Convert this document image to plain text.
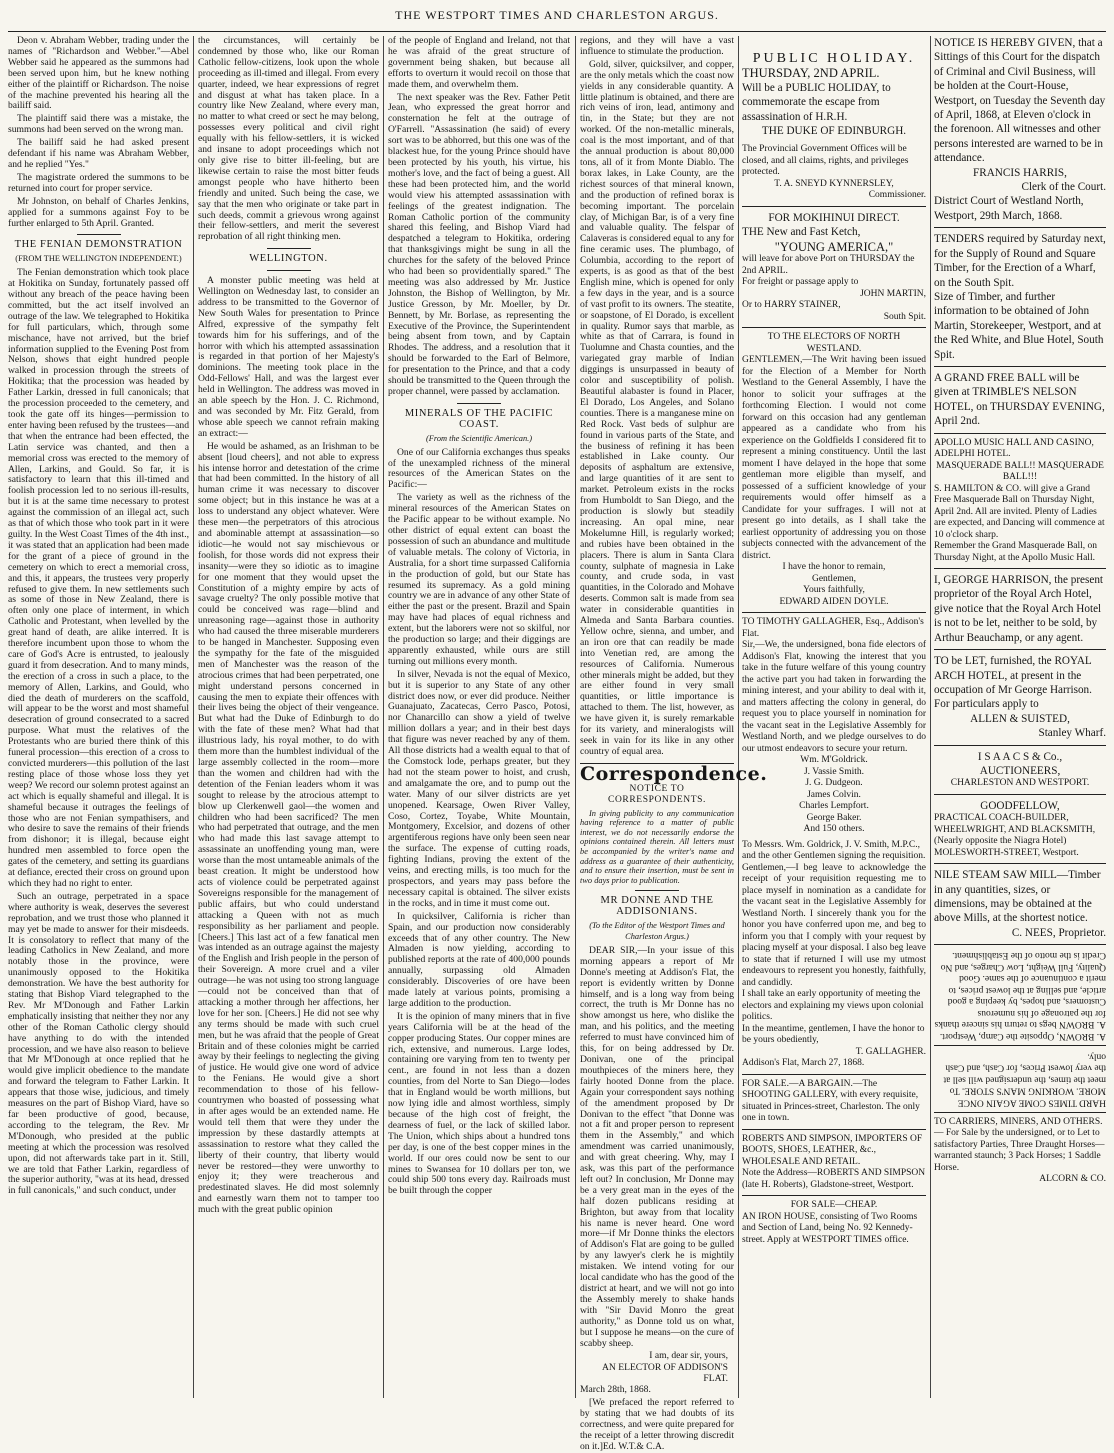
THE WESTPORT TIMES AND CHARLESTON ARGUS.

Deon v. Abraham Webber, trading under the names of "Richardson and Webber."—Abel Webber said he appeared as the summons had been served upon him, but he knew nothing either of the plaintiff or Richardson. The noise of the machine prevented his hearing all the bailiff said.

The plaintiff said there was a mistake, the summons had been served on the wrong man.

The bailiff said he had asked present defendant if his name was Abraham Webber, and he replied "Yes."

The magistrate ordered the summons to be returned into court for proper service.

Mr Johnston, on behalf of Charles Jenkins, applied for a summons against Foy to be further enlarged to 5th April. Granted.

THE FENIAN DEMONSTRATION
(FROM THE WELLINGTON INDEPENDENT.)

The Fenian demonstration which took place at Hokitika on Sunday, fortunately passed off without any breach of the peace having been committed, but the act itself involved an outrage of the law. We telegraphed to Hokitika for full particulars, which, through some mischance, have not arrived, but the brief information supplied to the Evening Post from Nelson, shows that eight hundred people walked in procession through the streets of Hokitika; that the procession was headed by Father Larkin, dressed in full canonicals; that the procession proceeded to the cemetery, and took the gate off its hinges—permission to enter having been refused by the trustees—and that when the entrance had been effected, the Latin service was chanted, and then a memorial cross was erected to the memory of Allen, Larkins, and Gould. So far, it is satisfactory to learn that this ill-timed and foolish procession led to no serious ill-results, but it is at the same time necessary to protest against the commission of an illegal act, such as that of which those who took part in it were guilty. In the West Coast Times of the 4th inst., it was stated that an application had been made for the grant of a piece of ground in the cemetery on which to erect a memorial cross, and this, it appears, the trustees very properly refused to give them. In new settlements such as some of those in New Zealand, there is often only one place of interment, in which Catholic and Protestant, when levelled by the great hand of death, are alike interred. It is therefore incumbent upon those to whom the care of God's Acre is entrusted, to jealously guard it from desecration. And to many minds, the erection of a cross in such a place, to the memory of Allen, Larkins, and Gould, who died the death of murderers on the scaffold, will appear to be the worst and most shameful desecration of ground consecrated to a sacred purpose. What must the relatives of the Protestants who are buried there think of this funeral procession—this erection of a cross to convicted murderers—this pollution of the last resting place of those whose loss they yet weep? We record our solemn protest against an act which is equally shameful and illegal. It is shameful because it outrages the feelings of those who are not Fenian sympathisers, and who desire to save the remains of their friends from dishonor; it is illegal, because eight hundred men assembled to force open the gates of the cemetery, and setting its guardians at defiance, erected their cross on ground upon which they had no right to enter.

Such an outrage, perpetrated in a space where authority is weak, deserves the severest reprobation, and we trust those who planned it may yet be made to answer for their misdeeds. It is consolatory to reflect that many of the leading Catholics in New Zealand, and more notably those in the province, were unanimously opposed to the Hokitika demonstration. We have the best authority for stating that Bishop Viard telegraphed to the Rev. Mr M'Donough and Father Larkin emphatically insisting that neither they nor any other of the Roman Catholic clergy should have anything to do with the intended procession, and we have also reason to believe that Mr M'Donough at once replied that he would give implicit obedience to the mandate and forward the telegram to Father Larkin. It appears that those wise, judicious, and timely measures on the part of Bishop Viard, have so far been productive of good, because, according to the telegram, the Rev. Mr M'Donough, who presided at the public meeting at which the procession was resolved upon, did not afterwards take part in it. Still, we are told that Father Larkin, regardless of the superior authority, "was at its head, dressed in full canonicals," and such conduct, under

the circumstances, will certainly be condemned by those who, like our Roman Catholic fellow-citizens, look upon the whole proceeding as ill-timed and illegal. From every quarter, indeed, we hear expressions of regret and disgust at what has taken place. In a country like New Zealand, where every man, no matter to what creed or sect he may belong, possesses every political and civil right equally with his fellow-settlers, it is wicked and insane to adopt proceedings which not only give rise to bitter ill-feeling, but are likewise certain to raise the most bitter feuds amongst people who have hitherto been friendly and united. Such being the case, we say that the men who originate or take part in such deeds, commit a grievous wrong against their fellow-settlers, and merit the severest reprobation of all right thinking men.

WELLINGTON.

A monster public meeting was held at Wellington on Wednesday last, to consider an address to be transmitted to the Governor of New South Wales for presentation to Prince Alfred, expressive of the sympathy felt towards him for his sufferings, and of the horror with which his attempted assassination is regarded in that portion of her Majesty's dominions. The meeting took place in the Odd-Fellows' Hall, and was the largest ever held in Wellington. The address was moved in an able speech by the Hon. J. C. Richmond, and was seconded by Mr. Fitz Gerald, from whose able speech we cannot refrain making an extract:—

He would be ashamed, as an Irishman to be absent [loud cheers], and not able to express his intense horror and detestation of the crime that had been committed. In the history of all human crime it was necessary to discover some object; but in this instance he was at a loss to understand any object whatever. Were these men—the perpetrators of this atrocious and abominable attempt at assassination—so idiotic—he would not say mischievous or foolish, for those words did not express their insanity—were they so idiotic as to imagine for one moment that they would upset the Constitution of a mighty empire by acts of savage cruelty? The only possible motive that could be conceived was rage—blind and unreasoning rage—against those in authority who had caused the three miserable murderers to be hanged in Manchester. Supposing even the sympathy for the fate of the misguided men of Manchester was the reason of the atrocious crimes that had been perpetrated, one might understand persons concerned in causing the men to expiate their offences with their lives being the object of their vengeance. But what had the Duke of Edinburgh to do with the fate of these men? What had that illustrious lady, his royal mother, to do with them more than the humblest individual of the large assembly collected in the room—more than the women and children had with the detention of the Fenian leaders whom it was sought to release by the atrocious attempt to blow up Clerkenwell gaol—the women and children who had been sacrificed? The men who had perpetrated that outrage, and the men who had made this last savage attempt to assassinate an unoffending young man, were worse than the most untameable animals of the beast creation. It might be understood how acts of violence could be perpetrated against Sovereigns responsible for the management of public affairs, but who could understand attacking a Queen with not as much responsibility as her parliament and people. [Cheers.] This last act of a few fanatical men was intended as an outrage against the majesty of the English and Irish people in the person of their Sovereign. A more cruel and a viler outrage—he was not using too strong language—could not be conceived than that of attacking a mother through her affections, her love for her son. [Cheers.] He did not see why any terms should be made with such cruel men, but he was afraid that the people of Great Britain and of these colonies might be carried away by their feelings to neglecting the giving of justice. He would give one word of advice to the Fenians. He would give a short recommendation to those of his fellow-countrymen who boasted of possessing what in after ages would be an extended name. He would tell them that were they under the impression by these dastardly attempts at assassination to restore what they called the liberty of their country, that liberty would never be restored—they were unworthy to enjoy it; they were treacherous and predestinated slaves. He did most solemnly and earnestly warn them not to tamper too much with the great public opinion

of the people of England and Ireland, not that he was afraid of the great structure of government being shaken, but because all efforts to overturn it would recoil on those that made them, and overwhelm them.

The next speaker was the Rev. Father Petit Jean, who expressed the great horror and consternation he felt at the outrage of O'Farrell. "Assassination (he said) of every sort was to be abhorred, but this one was of the blackest hue, for the young Prince should have been protected by his youth, his virtue, his mother's love, and the fact of being a guest. All these had been protected him, and the world would view his attempted assassination with feelings of the greatest indignation. The Roman Catholic portion of the community shared this feeling, and Bishop Viard had despatched a telegram to Hokitika, ordering that thanksgivings might be sung in all the churches for the safety of the beloved Prince who had been so providentially spared." The meeting was also addressed by Mr. Justice Johnston, the Bishop of Wellington, by Mr. Justice Gresson, by Mr. Moeller, by Dr. Bennett, by Mr. Borlase, as representing the Executive of the Province, the Superintendent being absent from town, and by Captain Rhodes. The address, and a resolution that it should be forwarded to the Earl of Belmore, for presentation to the Prince, and that a cody should be transmitted to the Queen through the proper channel, were passed by acclamation.

MINERALS OF THE PACIFIC COAST.
(From the Scientific American.)

One of our California exchanges thus speaks of the unexampled richness of the mineral resources of the American States on the Pacific:—

The variety as well as the richness of the mineral resources of the American States on the Pacific appear to be without example. No other district of equal extent can boast the possession of such an abundance and multitude of valuable metals. The colony of Victoria, in Australia, for a short time surpassed California in the production of gold, but our State has resumed its supremacy. As a gold mining country we are in advance of any other State of either the past or the present. Brazil and Spain may have had places of equal richness and extent, but the laborers were not so skilful, nor the production so large; and their diggings are apparently exhausted, while ours are still turning out millions every month.

In silver, Nevada is not the equal of Mexico, but it is superior to any State of any other district does now, or ever did produce. Neither Guanajuato, Zacatecas, Cerro Pasco, Potosi, nor Chanarcillo can show a yield of twelve million dollars a year; and in their best days that figure was never reached by any of them. All those districts had a wealth equal to that of the Comstock lode, perhaps greater, but they had not the steam power to hoist, and crush, and amalgamate the ore, and to pump out the water. Many of our silver districts are yet unopened. Kearsage, Owen River Valley, Coso, Cortez, Toyabe, White Mountain, Montgomery, Excelsior, and dozens of other argentiferous regions have only been seen near the surface. The expense of cutting roads, fighting Indians, proving the extent of the veins, and erecting mills, is too much for the prospectors, and years may pass before the necessary capital is obtained. The silver exists in the rocks, and in time it must come out.

In quicksilver, California is richer than Spain, and our production now considerably exceeds that of any other country. The New Almaden is now yielding, according to published reports at the rate of 400,000 pounds annually, surpassing old Almaden considerably. Discoveries of ore have been made lately at various points, promising a large addition to the production.

It is the opinion of many miners that in five years California will be at the head of the copper producing States. Our copper mines are rich, extensive, and numerous. Large lodes, containing ore varying from ten to twenty per cent., are found in not less than a dozen counties, from del Norte to San Diego—lodes that in England would be worth millions, but now lying idle and almost worthless, simply because of the high cost of freight, the dearness of fuel, or the lack of skilled labor. The Union, which ships about a hundred tons per day, is one of the best copper mines in the world. If our ores could now be sent to our mines to Swansea for 10 dollars per ton, we could ship 500 tons every day. Railroads must be built through the copper

regions, and they will have a vast influence to stimulate the production.

Gold, silver, quicksilver, and copper, are the only metals which the coast now yields in any considerable quantity. A little platinum is obtained, and there are rich veins of iron, lead, antimony and tin, in the State; but they are not worked. Of the non-metallic minerals, coal is the most important, and of that the annual production is about 80,000 tons, all of it from Monte Diablo. The borax lakes, in Lake County, are the richest sources of that mineral known, and the production of refined borax is becoming important. The porcelain clay, of Michigan Bar, is of a very fine and valuable quality. The felspar of Calaveras is considered equal to any for fine ceramic uses. The plumbago, of Columbia, according to the report of experts, is as good as that of the best English mine, which is opened for only a few days in the year, and is a source of vast profit to its owners. The steatite, or soapstone, of El Dorado, is excellent in quality. Rumor says that marble, as white as that of Carrara, is found in Tuolumne and Chasta counties, and the variegated gray marble of Indian diggings is unsurpassed in beauty of color and susceptibility of polish. Beautiful alabaster is found in Placer, El Dorado, Los Angeles, and Solano counties. There is a manganese mine on Red Rock. Vast beds of sulphur are found in various parts of the State, and the business of refining it has been established in Lake county. Our deposits of asphaltum are extensive, and large quantities of it are sent to market. Petroleum exists in the rocks from Humboldt to San Diego, and the production is slowly but steadily increasing. An opal mine, near Mokelumne Hill, is regularly worked; and rubies have been obtained in the placers. There is alum in Santa Clara county, sulphate of magnesia in Lake county, and crude soda, in vast quantities, in the Colorado and Mohave deserts. Common salt is made from sea water in considerable quantities in Almeda and Santa Barbara counties. Yellow ochre, sienna, and umber, and an iron ore that can readily be made into Venetian red, are among the resources of California. Numerous other minerals might be added, but they are either found in very small quantities, or little importance is attached to them. The list, however, as we have given it, is surely remarkable for its variety, and mineralogists will seek in vain for its like in any other country of equal area.

Correspondence.
NOTICE TO CORRESPONDENTS.

In giving publicity to any communication having reference to a matter of public interest, we do not necessarily endorse the opinions contained therein. All letters must be accompanied by the writer's name and address as a guarantee of their authenticity, and to ensure their insertion, must be sent in two days prior to publication.

MR DONNE AND THE ADDISONIANS.
(To the Editor of the Westport Times and Charleston Argus.)

DEAR SIR,—In your issue of this morning appears a report of Mr Donne's meeting at Addison's Flat, the report is evidently written by Donne himself, and is a long way from being correct, the truth is Mr Donne has no show amongst us here, who dislike the man, and his politics, and the meeting referred to must have convinced him of this, for on being addressed by Dr. Donivan, one of the principal mouthpieces of the miners here, they fairly hooted Donne from the place. Again your correspondent says nothing of the amendment proposed by Dr Donivan to the effect "that Donne was not a fit and proper person to represent them in the Assembly," and which amendment was carried unanimously, and with great cheering. Why, may I ask, was this part of the performance left out? In conclusion, Mr Donne may be a very great man in the eyes of the half dozen publicans residing at Brighton, but away from that locality his name is never heard. One word more—if Mr Donne thinks the electors of Addison's Flat are going to be gulled by any lawyer's clerk he is mightily mistaken. We intend voting for our local candidate who has the good of the district at heart, and we will not go into the Assembly merely to shake hands with "Sir David Monro the great authority," as Donne told us on what, but I suppose he means—on the cure of scabby sheep.

I am, dear sir, yours,
AN ELECTOR OF ADDISON'S FLAT.

March 28th, 1868.

[We prefaced the report referred to by stating that we had doubts of its correctness, and were quite prepared for the receipt of a letter throwing discredit on it.]Ed. W.T.& C.A.

PUBLIC HOLIDAY.

THURSDAY, 2ND APRIL.

Will be a PUBLIC HOLIDAY, to commemorate the escape from assassination of H.R.H.

THE DUKE OF EDINBURGH.

The Provincial Government Offices will be closed, and all claims, rights, and privileges protected.

T. A. SNEYD KYNNERSLEY,

Commissioner.

FOR MOKIHINUI DIRECT.

THE New and Fast Ketch,

"YOUNG AMERICA,"

will leave for above Port on THURSDAY the 2nd APRIL.

For freight or passage apply to

JOHN MARTIN,

Or to HARRY STAINER,

South Spit.

TO THE ELECTORS OF NORTH WESTLAND.

GENTLEMEN,—The Writ having been issued for the Election of a Member for North Westland to the General Assembly, I have the honor to solicit your suffrages at the forthcoming Election. I would not come forward on this occasion had any gentleman appeared as a candidate who from his experience on the Goldfields I considered fit to represent a mining constituency. Until the last moment I have delayed in the hope that some gentleman more eligible than myself, and possessed of a sufficient knowledge of your requirements would offer himself as a Candidate for your suffrages. I will not at present go into details, as I shall take the earliest opportunity of addressing you on those subjects connected with the advancement of the district.

I have the honor to remain,

Gentlemen,

Yours faithfully,

EDWARD AIDEN DOYLE.

TO TIMOTHY GALLAGHER, Esq., Addison's Flat.

Sir,—We, the undersigned, bona fide electors of Addison's Flat, knowing the interest that you take in the future welfare of this young country the active part you had taken in forwarding the mining interest, and your ability to deal with it, and matters affecting the colony in general, do request you to place yourself in nomination for the vacant seat in the Legislative Assembly for Westland North, and we pledge ourselves to do our utmost endeavors to secure your return.

Wm. M'Goldrick.

J. Vassie Smith.

J. G. Dudgeon.

James Colvin.

Charles Lempfort.

George Baker.

And 150 others.

To Messrs. Wm. Goldrick, J. V. Smith, M.P.C., and the other Gentlemen signing the requisition.

Gentlemen,—I beg leave to acknowledge the receipt of your requisition requesting me to place myself in nomination as a candidate for the vacant seat in the Legislative Assembly for Westland North. I sincerely thank you for the honor you have conferred upon me, and beg to inform you that I comply with your request by placing myself at your disposal. I also beg leave to state that if returned I will use my utmost endeavours to represent you honestly, faithfully, and candidly.

I shall take an early opportunity of meeting the electors and explaining my views upon colonial politics.

In the meantime, gentlemen, I have the honor to be yours obediently,

T. GALLAGHER.

Addison's Flat, March 27, 1868.

FOR SALE.—A BARGAIN.—The SHOOTING GALLERY, with every requisite, situated in Princes-street, Charleston. The only one in town.

ROBERTS AND SIMPSON, IMPORTERS OF BOOTS, SHOES, LEATHER, &c., WHOLESALE AND RETAIL.

Note the Address—ROBERTS AND SIMPSON (late H. Roberts), Gladstone-street, Westport.

FOR SALE—CHEAP.

AN IRON HOUSE, consisting of Two Rooms and Section of Land, being No. 92 Kennedy-street. Apply at WESTPORT TIMES office.

NOTICE IS HEREBY GIVEN, that a Sittings of this Court for the dispatch of Criminal and Civil Business, will be holden at the Court-House, Westport, on Tuesday the Seventh day of April, 1868, at Eleven o'clock in the forenoon. All witnesses and other persons interested are warned to be in attendance.

FRANCIS HARRIS,

Clerk of the Court.

District Court of Westland North, Westport, 29th March, 1868.

TENDERS required by Saturday next, for the Supply of Round and Square Timber, for the Erection of a Wharf, on the South Spit.

Size of Timber, and further information to be obtained of John Martin, Storekeeper, Westport, and at the Red White, and Blue Hotel, South Spit.

A GRAND FREE BALL will be given at TRIMBLE'S NELSON HOTEL, on THURSDAY EVENING, April 2nd.

APOLLO MUSIC HALL AND CASINO, ADELPHI HOTEL.

MASQUERADE BALL!! MASQUERADE BALL!!!

S. HAMILTON & CO. will give a Grand Free Masquerade Ball on Thursday Night, April 2nd. All are invited. Plenty of Ladies are expected, and Dancing will commence at 10 o'clock sharp.

Remember the Grand Masquerade Ball, on Thursday Night, at the Apollo Music Hall.

I, GEORGE HARRISON, the present proprietor of the Royal Arch Hotel, give notice that the Royal Arch Hotel is not to be let, neither to be sold, by Arthur Beauchamp, or any agent.

TO be LET, furnished, the ROYAL ARCH HOTEL, at present in the occupation of Mr George Harrison.

For particulars apply to

ALLEN & SUISTED,

Stanley Wharf.

I S A A C S & Co.,

AUCTIONEERS,

CHARLESTON AND WESTPORT.

GOODFELLOW,

PRACTICAL COACH-BUILDER, WHEELWRIGHT, AND BLACKSMITH, (Nearly opposite the Niagra Hotel) MOLESWORTH-STREET, Westport.

NILE STEAM SAW MILL—Timber in any quantities, sizes, or dimensions, may be obtained at the above Mills, at the shortest notice.

C. NEES, Proprietor.

A. BROWN, Opposite the Camp, Westport. A. BROWN begs to return his sincere thanks for the patronage of his numerous Customers, and hopes, by keeping a good article, and selling at the lowest prices, to merit a continuance of the same. Good Quality, Full Weight, Low Charges, and No Credit is the motto of the Establishment.

HARD TIMES COME AGAIN ONCE MORE. WORKING MAN'S STORE. To meet the times, the undersigned will sell at the very lowest Prices, for Cash, and Cash only.

TO CARRIERS, MINERS, AND OTHERS. — For Sale by the undersigned, or to Let to satisfactory Parties, Three Draught Horses—warranted staunch; 3 Pack Horses; 1 Saddle Horse.

ALCORN & CO.
